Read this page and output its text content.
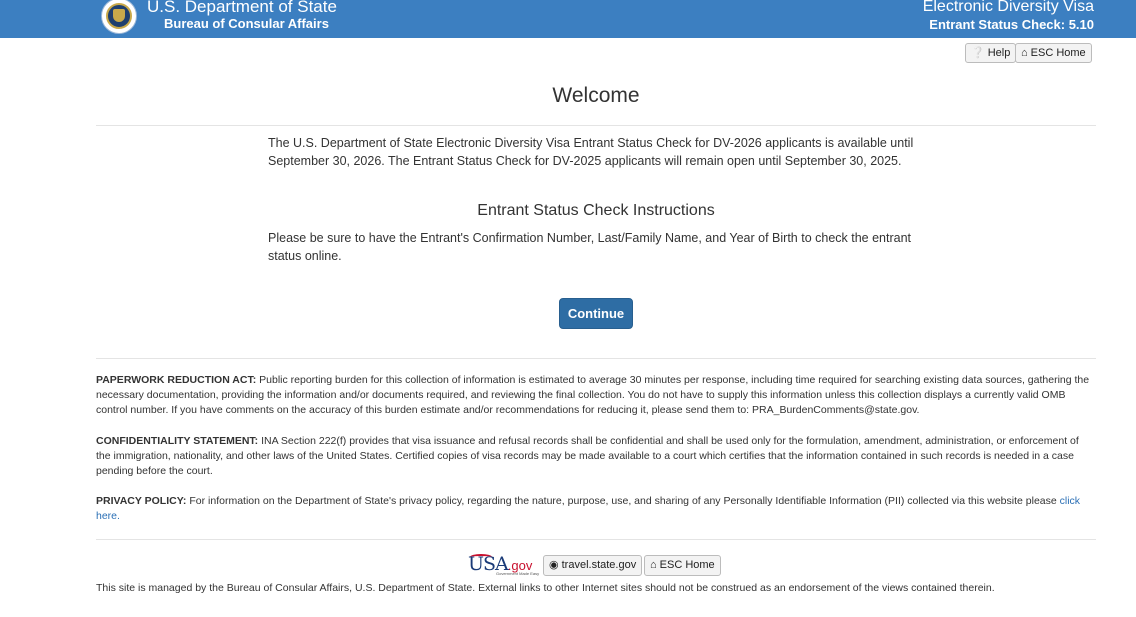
U.S. Department of State
Bureau of Consular Affairs
Electronic Diversity Visa
Entrant Status Check: 5.10
❔ Help ⌂ ESC Home
Welcome
The U.S. Department of State Electronic Diversity Visa Entrant Status Check for DV-2026 applicants is available until September 30, 2026. The Entrant Status Check for DV-2025 applicants will remain open until September 30, 2025.
Entrant Status Check Instructions
Please be sure to have the Entrant's Confirmation Number, Last/Family Name, and Year of Birth to check the entrant status online.
Continue
PAPERWORK REDUCTION ACT: Public reporting burden for this collection of information is estimated to average 30 minutes per response, including time required for searching existing data sources, gathering the necessary documentation, providing the information and/or documents required, and reviewing the final collection. You do not have to supply this information unless this collection displays a currently valid OMB control number. If you have comments on the accuracy of this burden estimate and/or recommendations for reducing it, please send them to: PRA_BurdenComments@state.gov.
CONFIDENTIALITY STATEMENT: INA Section 222(f) provides that visa issuance and refusal records shall be confidential and shall be used only for the formulation, amendment, administration, or enforcement of the immigration, nationality, and other laws of the United States. Certified copies of visa records may be made available to a court which certifies that the information contained in such records is needed in a case pending before the court.
PRIVACY POLICY: For information on the Department of State's privacy policy, regarding the nature, purpose, use, and sharing of any Personally Identifiable Information (PII) collected via this website please click here.
USA.gov
Government Made Easy
◉ travel.state.gov	⌂ ESC Home
This site is managed by the Bureau of Consular Affairs, U.S. Department of State. External links to other Internet sites should not be construed as an endorsement of the views contained therein.
